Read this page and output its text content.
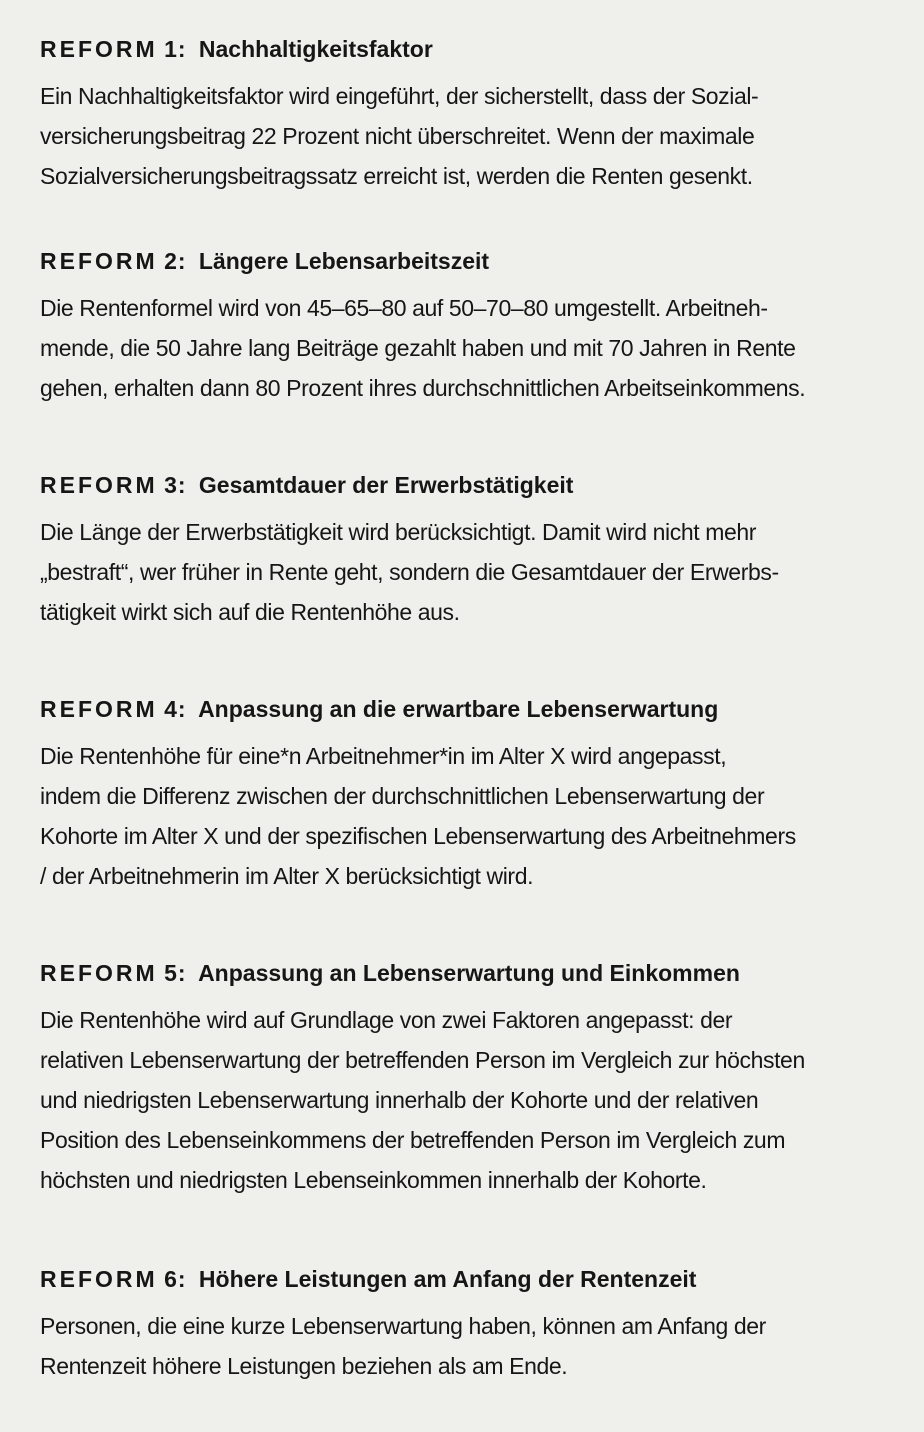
REFORM 1: Nachhaltigkeitsfaktor

Ein Nachhaltigkeitsfaktor wird eingeführt, der sicherstellt, dass der Sozial-
versicherungsbeitrag 22 Prozent nicht überschreitet. Wenn der maximale
Sozialversicherungsbeitragssatz erreicht ist, werden die Renten gesenkt.

REFORM 2: Längere Lebensarbeitszeit

Die Rentenformel wird von 45–65–80 auf 50–70–80 umgestellt. Arbeitneh-
mende, die 50 Jahre lang Beiträge gezahlt haben und mit 70 Jahren in Rente
gehen, erhalten dann 80 Prozent ihres durchschnittlichen Arbeitseinkommens.

REFORM 3: Gesamtdauer der Erwerbstätigkeit

Die Länge der Erwerbstätigkeit wird berücksichtigt. Damit wird nicht mehr
„bestraft“, wer früher in Rente geht, sondern die Gesamtdauer der Erwerbs-
tätigkeit wirkt sich auf die Rentenhöhe aus.

REFORM 4: Anpassung an die erwartbare Lebenserwartung

Die Rentenhöhe für eine*n Arbeitnehmer*in im Alter X wird angepasst,
indem die Differenz zwischen der durchschnittlichen Lebenserwartung der
Kohorte im Alter X und der spezifischen Lebenserwartung des Arbeitnehmers
/ der Arbeitnehmerin im Alter X berücksichtigt wird.

REFORM 5: Anpassung an Lebenserwartung und Einkommen

Die Rentenhöhe wird auf Grundlage von zwei Faktoren angepasst: der
relativen Lebenserwartung der betreffenden Person im Vergleich zur höchsten
und niedrigsten Lebenserwartung innerhalb der Kohorte und der relativen
Position des Lebenseinkommens der betreffenden Person im Vergleich zum
höchsten und niedrigsten Lebenseinkommen innerhalb der Kohorte.

REFORM 6: Höhere Leistungen am Anfang der Rentenzeit

Personen, die eine kurze Lebenserwartung haben, können am Anfang der
Rentenzeit höhere Leistungen beziehen als am Ende.
